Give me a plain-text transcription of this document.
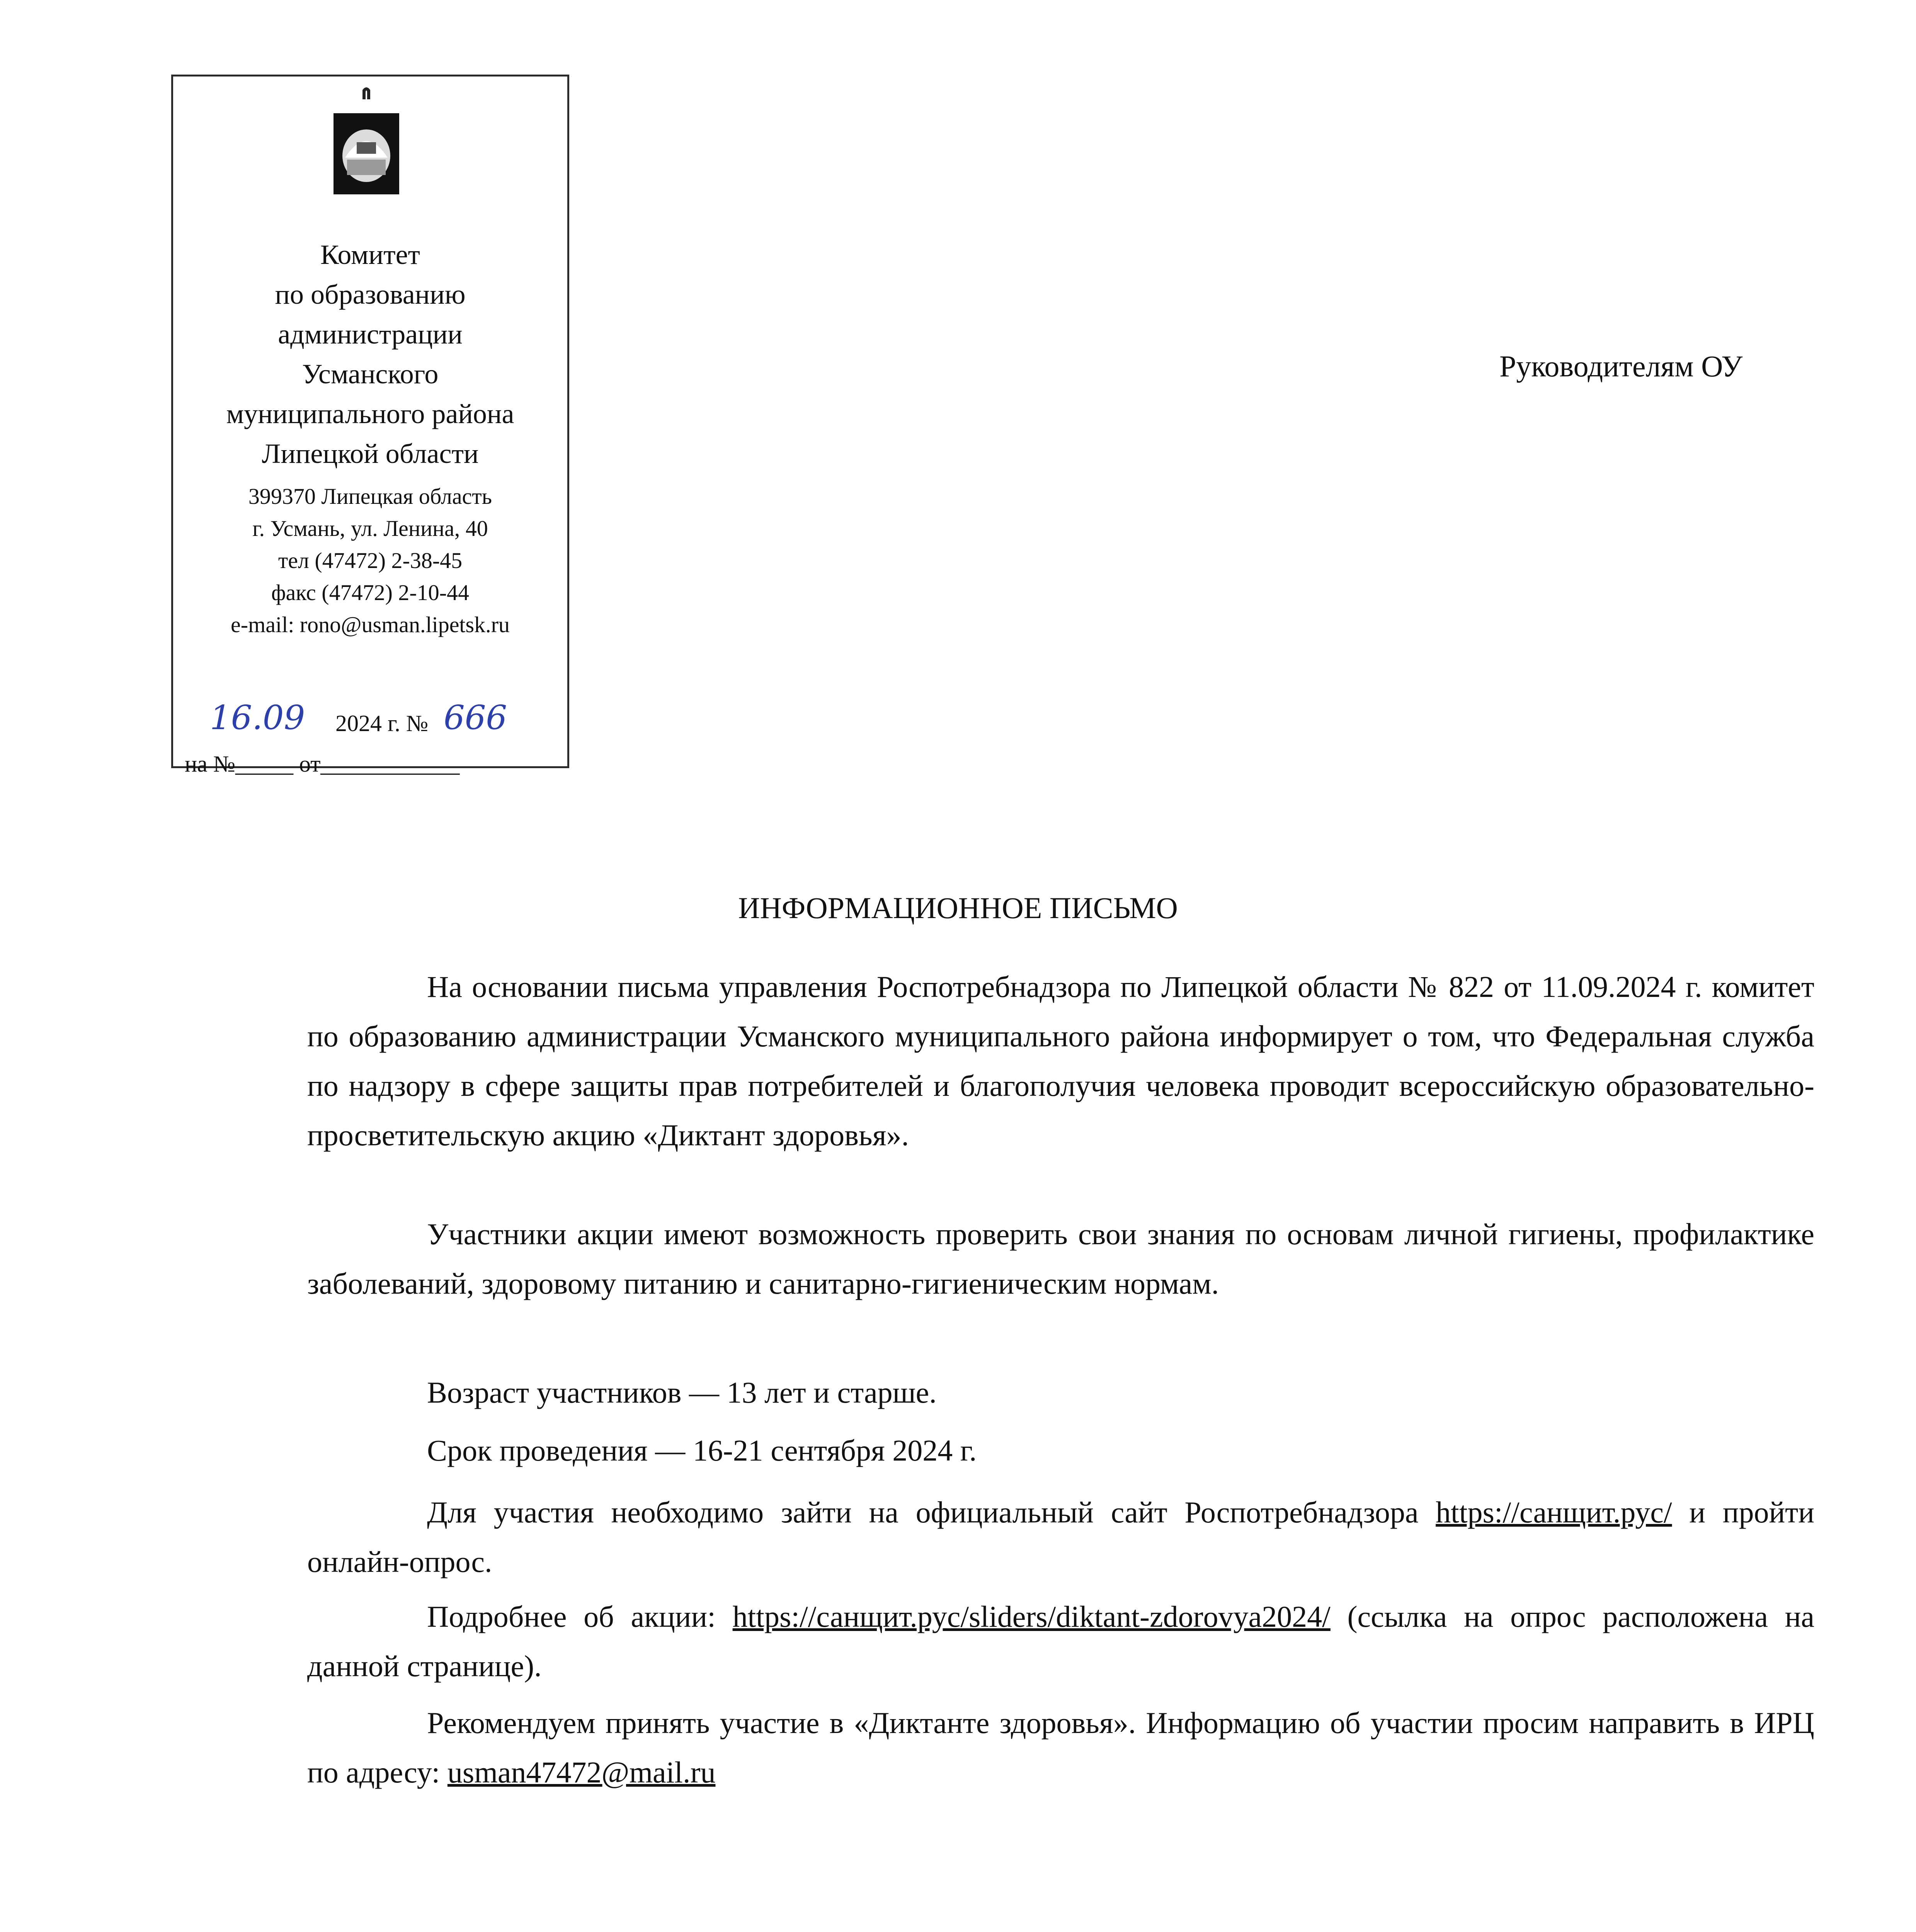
Комитет
по образованию
администрации
Усманского
муниципального района
Липецкой области
399370 Липецкая область
г. Усмань, ул. Ленина, 40
тел (47472) 2-38-45
факс (47472) 2-10-44
e-mail: rono@usman.lipetsk.ru
16.09 2024 г. № 666
на №_____ от____________
Руководителям ОУ
ИНФОРМАЦИОННОЕ ПИСЬМО

На основании письма управления Роспотребнадзора по Липецкой области № 822 от 11.09.2024 г. комитет по образованию администрации Усманского муниципального района информирует о том, что Федеральная служба по надзору в сфере защиты прав потребителей и благополучия человека проводит всероссийскую образовательно-просветительскую акцию «Диктант здоровья».

Участники акции имеют возможность проверить свои знания по основам личной гигиены, профилактике заболеваний, здоровому питанию и санитарно-гигиеническим нормам.

Возраст участников — 13 лет и старше.

Срок проведения — 16-21 сентября 2024 г.

Для участия необходимо зайти на официальный сайт Роспотребнадзора https://санщит.рус/ и пройти онлайн-опрос.

Подробнее об акции: https://санщит.рус/sliders/diktant-zdorovya2024/ (ссылка на опрос расположена на данной странице).

Рекомендуем принять участие в «Диктанте здоровья». Информацию об участии просим направить в ИРЦ по адресу: usman47472@mail.ru
